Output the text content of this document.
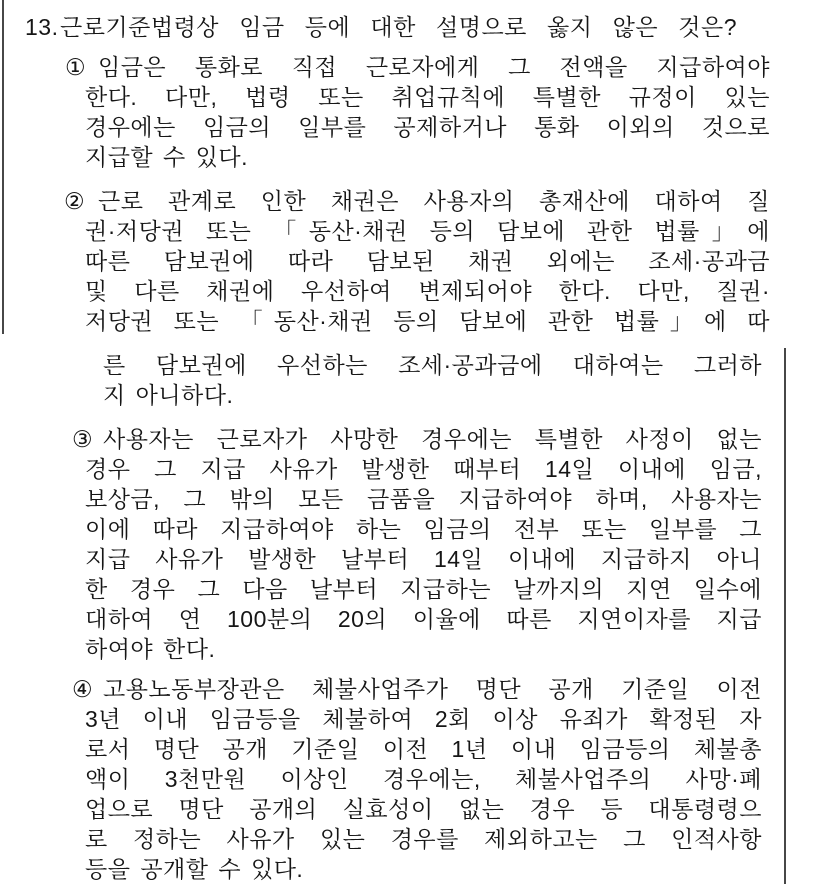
13. 근로기준법령상 임금 등에 대한 설명으로 옳지 않은 것은?
① 임금은 통화로 직접 근로자에게 그 전액을 지급하여야
한다. 다만, 법령 또는 취업규칙에 특별한 규정이 있는
경우에는 임금의 일부를 공제하거나 통화 이외의 것으로
지급할 수 있다.
② 근로 관계로 인한 채권은 사용자의 총재산에 대하여 질
권·저당권 또는 「동산·채권 등의 담보에 관한 법률」에
따른 담보권에 따라 담보된 채권 외에는 조세·공과금
및 다른 채권에 우선하여 변제되어야 한다. 다만, 질권·
저당권 또는 「동산·채권 등의 담보에 관한 법률」에 따
른 담보권에 우선하는 조세·공과금에 대하여는 그러하
지 아니하다.
③ 사용자는 근로자가 사망한 경우에는 특별한 사정이 없는
경우 그 지급 사유가 발생한 때부터 14일 이내에 임금,
보상금, 그 밖의 모든 금품을 지급하여야 하며, 사용자는
이에 따라 지급하여야 하는 임금의 전부 또는 일부를 그
지급 사유가 발생한 날부터 14일 이내에 지급하지 아니
한 경우 그 다음 날부터 지급하는 날까지의 지연 일수에
대하여 연 100분의 20의 이율에 따른 지연이자를 지급
하여야 한다.
④ 고용노동부장관은 체불사업주가 명단 공개 기준일 이전
3년 이내 임금등을 체불하여 2회 이상 유죄가 확정된 자
로서 명단 공개 기준일 이전 1년 이내 임금등의 체불총
액이 3천만원 이상인 경우에는, 체불사업주의 사망·폐
업으로 명단 공개의 실효성이 없는 경우 등 대통령령으
로 정하는 사유가 있는 경우를 제외하고는 그 인적사항
등을 공개할 수 있다.
